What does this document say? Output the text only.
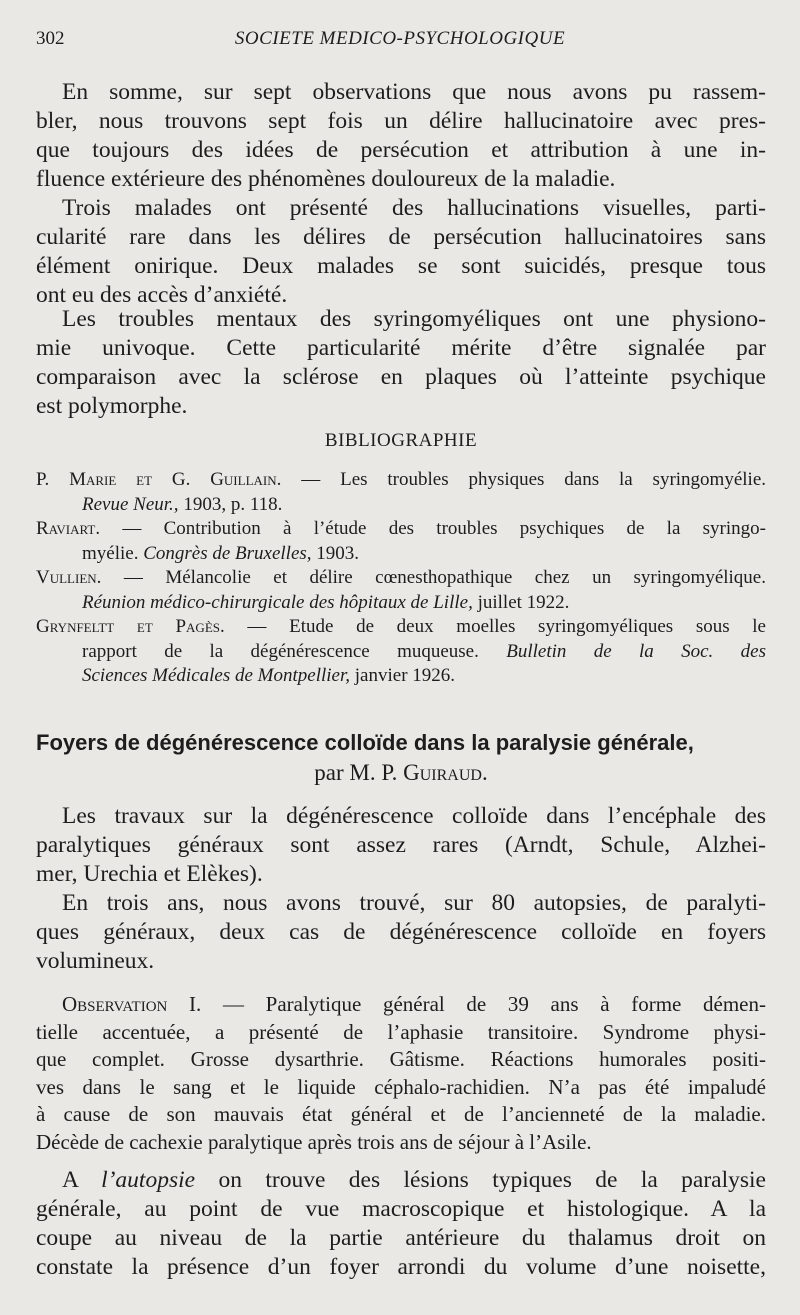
302	SOCIETE MEDICO-PSYCHOLOGIQUE
En somme, sur sept observations que nous avons pu rassem-
bler, nous trouvons sept fois un délire hallucinatoire avec pres-
que toujours des idées de persécution et attribution à une in-
fluence extérieure des phénomènes douloureux de la maladie.
Trois malades ont présenté des hallucinations visuelles, parti-
cularité rare dans les délires de persécution hallucinatoires sans
élément onirique. Deux malades se sont suicidés, presque tous
ont eu des accès d’anxiété.
Les troubles mentaux des syringomyéliques ont une physiono-
mie univoque. Cette particularité mérite d’être signalée par
comparaison avec la sclérose en plaques où l’atteinte psychique
est polymorphe.
BIBLIOGRAPHIE
P. Marie et G. Guillain. — Les troubles physiques dans la syringomyélie.
Revue Neur., 1903, p. 118.
Raviart. — Contribution à l’étude des troubles psychiques de la syringo-
myélie. Congrès de Bruxelles, 1903.
Vullien. — Mélancolie et délire cœnesthopathique chez un syringomyélique.
Réunion médico-chirurgicale des hôpitaux de Lille, juillet 1922.
Grynfeltt et Pagès. — Etude de deux moelles syringomyéliques sous le
rapport de la dégénérescence muqueuse. Bulletin de la Soc. des
Sciences Médicales de Montpellier, janvier 1926.
Foyers de dégénérescence colloïde dans la paralysie générale,
par M. P. Guiraud.
Les travaux sur la dégénérescence colloïde dans l’encéphale des
paralytiques généraux sont assez rares (Arndt, Schule, Alzhei-
mer, Urechia et Elèkes).
En trois ans, nous avons trouvé, sur 80 autopsies, de paralyti-
ques généraux, deux cas de dégénérescence colloïde en foyers
volumineux.
Observation I. — Paralytique général de 39 ans à forme démen-
tielle accentuée, a présenté de l’aphasie transitoire. Syndrome physi-
que complet. Grosse dysarthrie. Gâtisme. Réactions humorales positi-
ves dans le sang et le liquide céphalo-rachidien. N’a pas été impaludé
à cause de son mauvais état général et de l’ancienneté de la maladie.
Décède de cachexie paralytique après trois ans de séjour à l’Asile.
A l’autopsie on trouve des lésions typiques de la paralysie
générale, au point de vue macroscopique et histologique. A la
coupe au niveau de la partie antérieure du thalamus droit on
constate la présence d’un foyer arrondi du volume d’une noisette,
